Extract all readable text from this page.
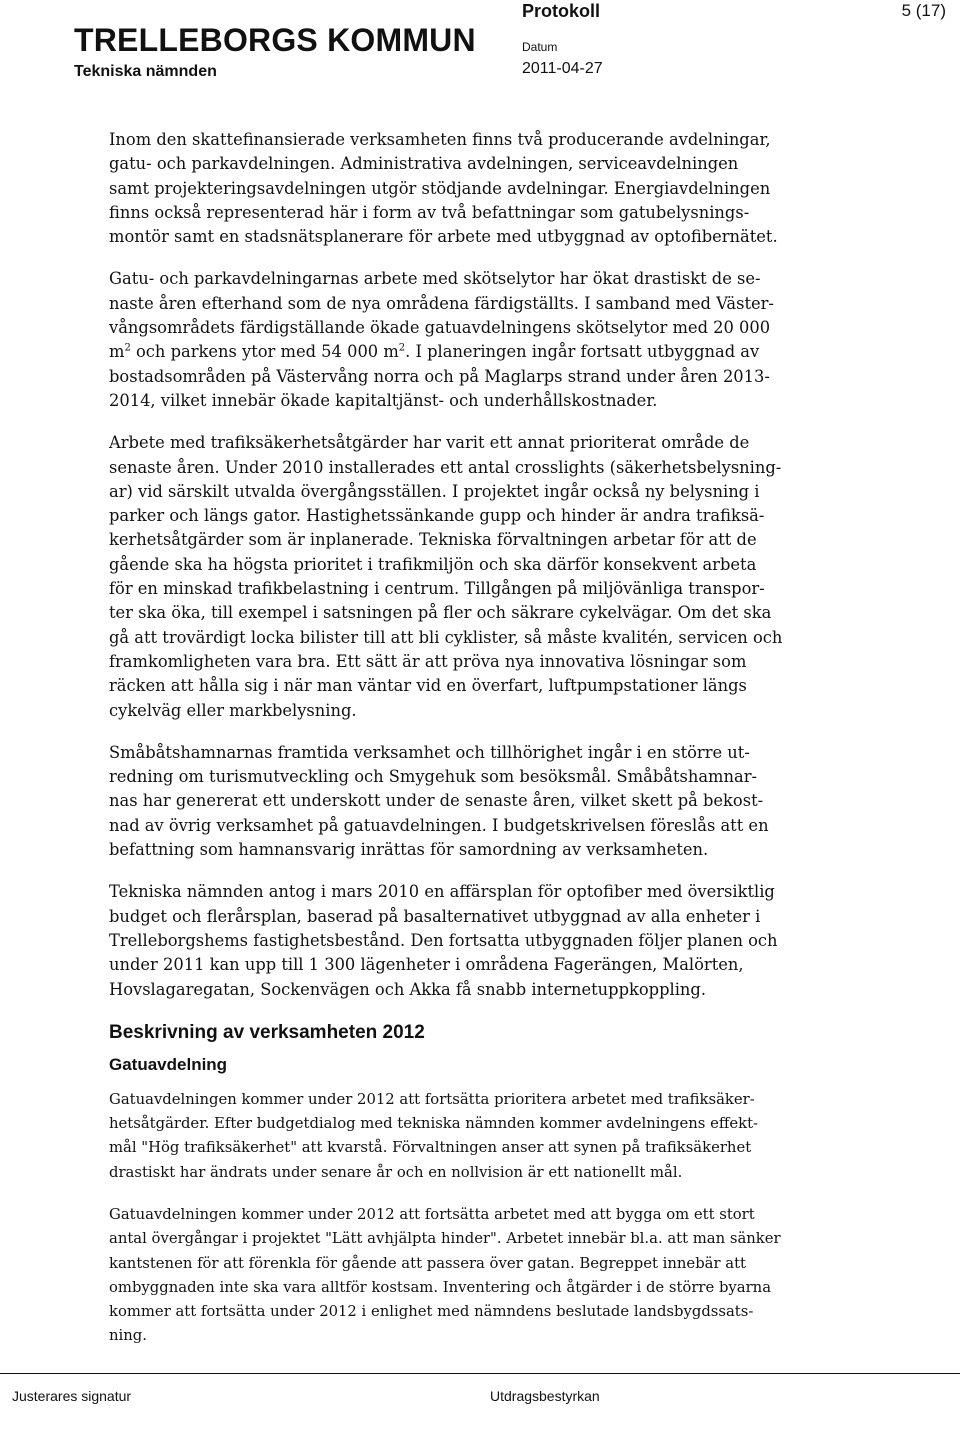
TRELLEBORGS KOMMUN
Tekniska nämnden
Protokoll	5 (17)
Datum
2011-04-27

Inom den skattefinansierade verksamheten finns två producerande avdelningar,
gatu- och parkavdelningen. Administrativa avdelningen, serviceavdelningen
samt projekteringsavdelningen utgör stödjande avdelningar. Energiavdelningen
finns också representerad här i form av två befattningar som gatubelysnings-
montör samt en stadsnätsplanerare för arbete med utbyggnad av optofibernätet.

Gatu- och parkavdelningarnas arbete med skötselytor har ökat drastiskt de se-
naste åren efterhand som de nya områdena färdigställts. I samband med Väster-
vångsområdets färdigställande ökade gatuavdelningens skötselytor med 20 000
$m^2$ och parkens ytor med 54 000 $m^2$. I planeringen ingår fortsatt utbyggnad av
bostadsområden på Västervång norra och på Maglarps strand under åren 2013-
2014, vilket innebär ökade kapitaltjänst- och underhållskostnader.

Arbete med trafiksäkerhetsåtgärder har varit ett annat prioriterat område de
senaste åren. Under 2010 installerades ett antal crosslights (säkerhetsbelysning-
ar) vid särskilt utvalda övergångsställen. I projektet ingår också ny belysning i
parker och längs gator. Hastighetssänkande gupp och hinder är andra trafiksä-
kerhetsåtgärder som är inplanerade. Tekniska förvaltningen arbetar för att de
gående ska ha högsta prioritet i trafikmiljön och ska därför konsekvent arbeta
för en minskad trafikbelastning i centrum. Tillgången på miljövänliga transpor-
ter ska öka, till exempel i satsningen på fler och säkrare cykelvägar. Om det ska
gå att trovärdigt locka bilister till att bli cyklister, så måste kvalitén, servicen och
framkomligheten vara bra. Ett sätt är att pröva nya innovativa lösningar som
räcken att hålla sig i när man väntar vid en överfart, luftpumpstationer längs
cykelväg eller markbelysning.

Småbåtshamnarnas framtida verksamhet och tillhörighet ingår i en större ut-
redning om turismutveckling och Smygehuk som besöksmål. Småbåtshamnar-
nas har genererat ett underskott under de senaste åren, vilket skett på bekost-
nad av övrig verksamhet på gatuavdelningen. I budgetskrivelsen föreslås att en
befattning som hamnansvarig inrättas för samordning av verksamheten.

Tekniska nämnden antog i mars 2010 en affärsplan för optofiber med översiktlig
budget och flerårsplan, baserad på basalternativet utbyggnad av alla enheter i
Trelleborgshems fastighetsbestånd. Den fortsatta utbyggnaden följer planen och
under 2011 kan upp till 1 300 lägenheter i områdena Fagerängen, Malörten,
Hovslagaregatan, Sockenvägen och Akka få snabb internetuppkoppling.

Beskrivning av verksamheten 2012
Gatuavdelning

Gatuavdelningen kommer under 2012 att fortsätta prioritera arbetet med trafiksäker-
hetsåtgärder. Efter budgetdialog med tekniska nämnden kommer avdelningens effekt-
mål "Hög trafiksäkerhet" att kvarstå. Förvaltningen anser att synen på trafiksäkerhet
drastiskt har ändrats under senare år och en nollvision är ett nationellt mål.

Gatuavdelningen kommer under 2012 att fortsätta arbetet med att bygga om ett stort
antal övergångar i projektet "Lätt avhjälpta hinder". Arbetet innebär bl.a. att man sänker
kantstenen för att förenkla för gående att passera över gatan. Begreppet innebär att
ombyggnaden inte ska vara alltför kostsam. Inventering och åtgärder i de större byarna
kommer att fortsätta under 2012 i enlighet med nämndens beslutade landsbygdssats-
ning.

Justerares signatur	Utdragsbestyrkan
